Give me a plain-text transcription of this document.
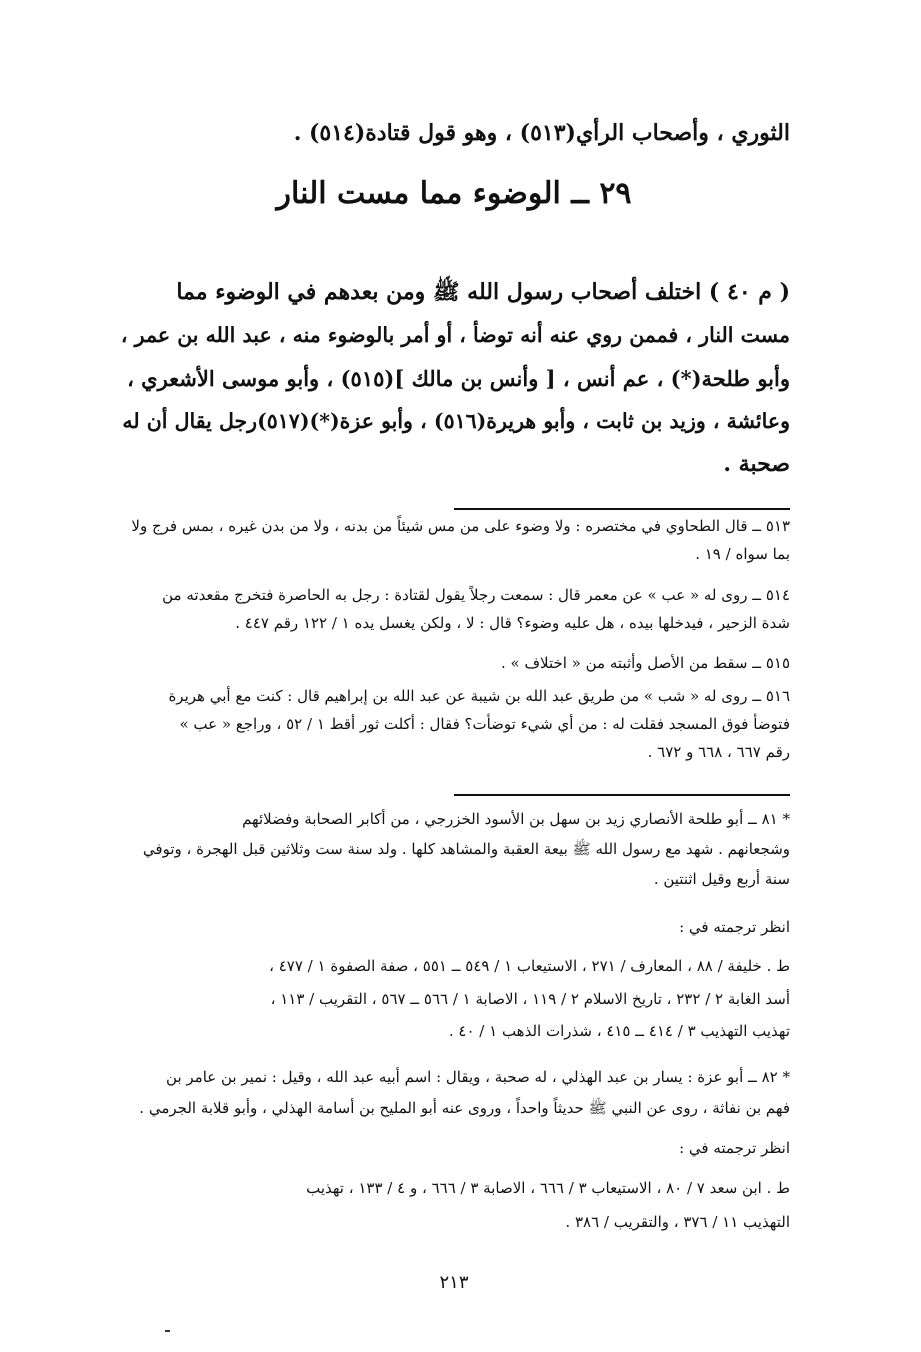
الثوري ، وأصحاب الرأي(٥١٣) ، وهو قول قتادة(٥١٤) .
٢٩ ــ الوضوء مما مست النار
( م ٤٠ ) اختلف أصحاب رسول الله ﷺ ومن بعدهم في الوضوء مما
مست النار ، فممن روي عنه أنه توضأ ، أو أمر بالوضوء منه ، عبد الله بن عمر ،
وأبو طلحة(*) ، عم أنس ، [ وأنس بن مالك ](٥١٥) ، وأبو موسى الأشعري ،
وعائشة ، وزيد بن ثابت ، وأبو هريرة(٥١٦) ، وأبو عزة(*)(٥١٧)رجل يقال أن له
صحبة .
٥١٣ ــ قال الطحاوي في مختصره : ولا وضوء على من مس شيئاً من بدنه ، ولا من بدن غيره ، بمس فرج ولا
بما سواه / ١٩ .
٥١٤ ــ روى له « عب » عن معمر قال : سمعت رجلاً يقول لقتادة : رجل به الحاصرة فتخرج مقعدته من
شدة الزحير ، فيدخلها بيده ، هل عليه وضوء؟ قال : لا ، ولكن يغسل يده ١ / ١٢٢ رقم ٤٤٧ .
٥١٥ ــ سقط من الأصل وأثبته من « اختلاف » .
٥١٦ ــ روى له « شب » من طريق عبد الله بن شيبة عن عبد الله بن إبراهيم قال : كنت مع أبي هريرة
فتوضأ فوق المسجد فقلت له : من أي شيء توضأت؟ فقال : أكلت ثور أقط ١ / ٥٢ ، وراجع « عب »
رقم ٦٦٧ ، ٦٦٨ و ٦٧٢ .
* ٨١ ــ أبو طلحة الأنصاري زيد بن سهل بن الأسود الخزرجي ، من أكابر الصحابة وفضلائهم
وشجعانهم . شهد مع رسول الله ﷺ بيعة العقبة والمشاهد كلها . ولد سنة ست وثلاثين قبل الهجرة ، وتوفي
سنة أربع وقيل اثنتين .
انظر ترجمته في :
ط . خليفة / ٨٨ ، المعارف / ٢٧١ ، الاستيعاب ١ / ٥٤٩ ــ ٥٥١ ، صفة الصفوة ١ / ٤٧٧ ،
أسد الغابة ٢ / ٢٣٢ ، تاريخ الاسلام ٢ / ١١٩ ، الاصابة ١ / ٥٦٦ ــ ٥٦٧ ، التقريب / ١١٣ ،
تهذيب التهذيب ٣ / ٤١٤ ــ ٤١٥ ، شذرات الذهب ١ / ٤٠ .
* ٨٢ ــ أبو عزة : يسار بن عبد الهذلي ، له صحبة ، ويقال : اسم أبيه عبد الله ، وقيل : نمير بن عامر بن
فهم بن نفاثة ، روى عن النبي ﷺ حديثاً واحداً ، وروى عنه أبو المليح بن أسامة الهذلي ، وأبو قلابة الجرمي .
انظر ترجمته في :
ط . ابن سعد ٧ / ٨٠ ، الاستيعاب ٣ / ٦٦٦ ، الاصابة ٣ / ٦٦٦ ، و ٤ / ١٣٣ ، تهذيب
التهذيب ١١ / ٣٧٦ ، والتقريب / ٣٨٦ .
٢١٣
